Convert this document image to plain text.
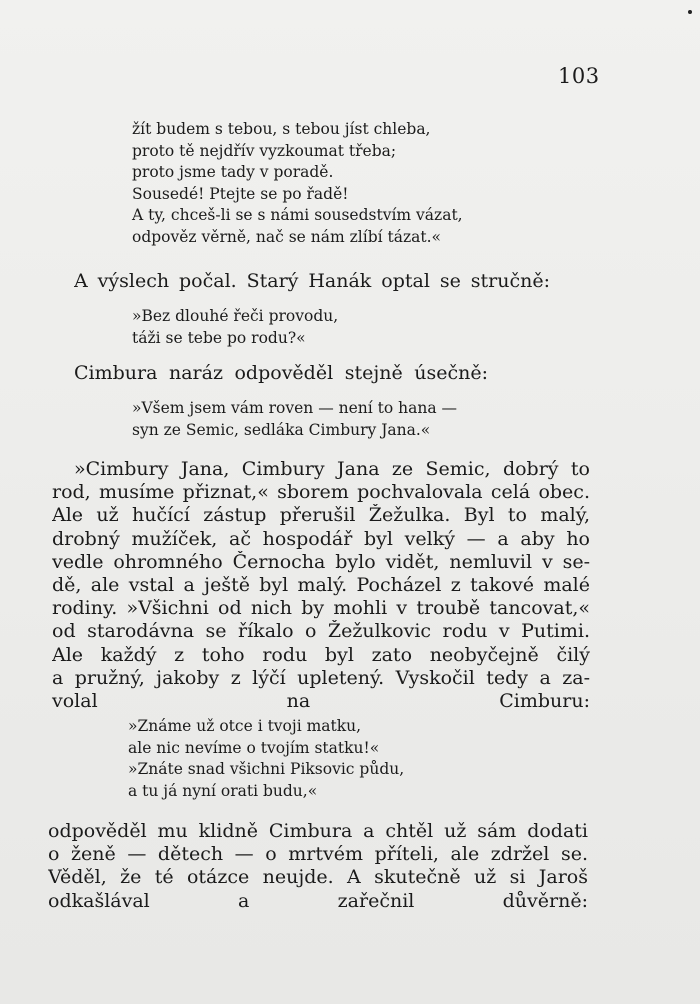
103
žít budem s tebou, s tebou jíst chleba,
proto tě nejdřív vyzkoumat třeba;
proto jsme tady v poradě.
Sousedé! Ptejte se po řadě!
A ty, chceš-li se s námi sousedstvím vázat,
odpověz věrně, nač se nám zlíbí tázat.«
A výslech počal. Starý Hanák optal se stručně:
»Bez dlouhé řeči provodu,
táži se tebe po rodu?«
Cimbura naráz odpověděl stejně úsečně:
»Všem jsem vám roven — není to hana —
syn ze Semic, sedláka Cimbury Jana.«
»Cimbury Jana, Cimbury Jana ze Semic, dobrý to
rod, musíme přiznat,« sborem pochvalovala celá obec.
Ale už hučící zástup přerušil Žežulka. Byl to malý,
drobný mužíček, ač hospodář byl velký — a aby ho
vedle ohromného Černocha bylo vidět, nemluvil v se-
dě, ale vstal a ještě byl malý. Pocházel z takové malé
rodiny. »Všichni od nich by mohli v troubě tancovat,«
od starodávna se říkalo o Žežulkovic rodu v Putimi.
Ale každý z toho rodu byl zato neobyčejně čilý
a pružný, jakoby z lýčí upletený. Vyskočil tedy a za-
volal na Cimburu:
»Známe už otce i tvoji matku,
ale nic nevíme o tvojím statku!«
»Znáte snad všichni Piksovic půdu,
a tu já nyní orati budu,«
odpověděl mu klidně Cimbura a chtěl už sám dodati
o ženě — dětech — o mrtvém příteli, ale zdržel se.
Věděl, že té otázce neujde. A skutečně už si Jaroš
odkašlával a zařečnil důvěrně:
